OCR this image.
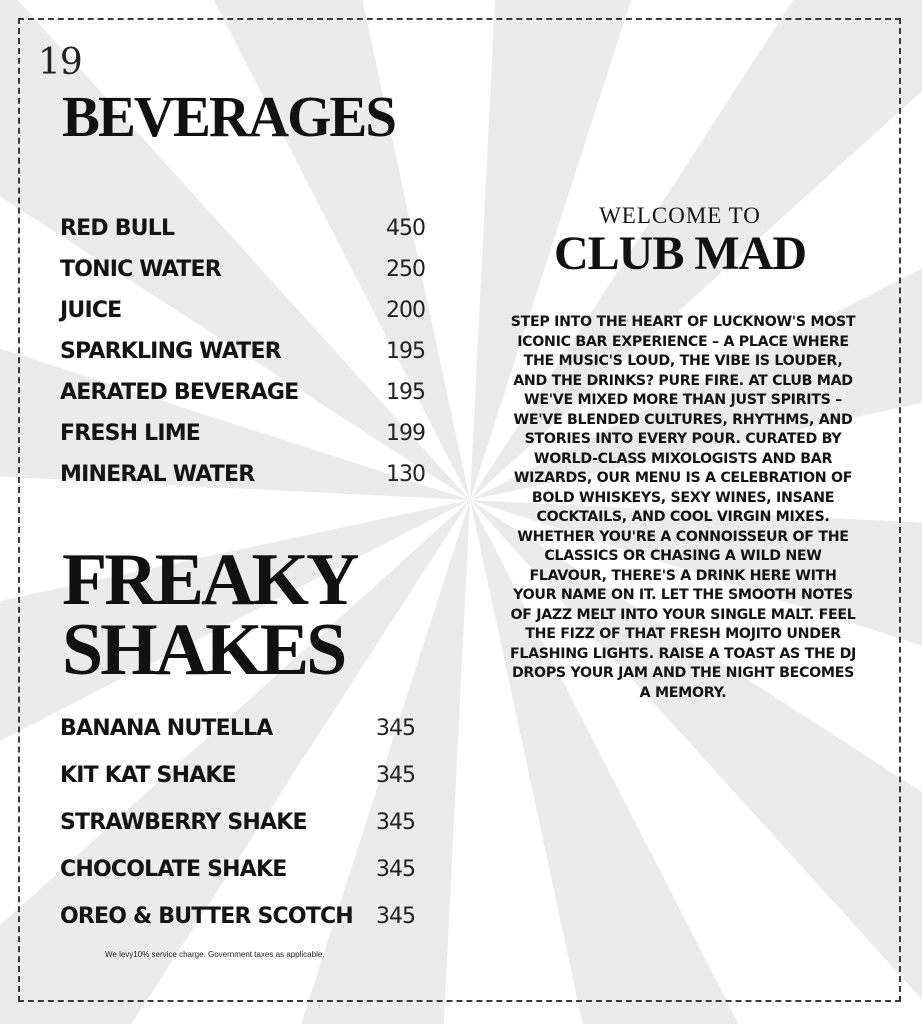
19
BEVERAGES
RED BULL	450
TONIC WATER	250
JUICE	200
SPARKLING WATER	195
AERATED BEVERAGE	195
FRESH LIME	199
MINERAL WATER	130
FREAKY
SHAKES
BANANA NUTELLA	345
KIT KAT SHAKE	345
STRAWBERRY SHAKE	345
CHOCOLATE SHAKE	345
OREO & BUTTER SCOTCH 345
We levy10% service charge. Government taxes as applicable.
WELCOME TO
CLUB MAD

STEP INTO THE HEART OF LUCKNOW'S MOST ICONIC BAR EXPERIENCE – A PLACE WHERE THE MUSIC'S LOUD, THE VIBE IS LOUDER, AND THE DRINKS? PURE FIRE. AT CLUB MAD WE'VE MIXED MORE THAN JUST SPIRITS – WE'VE BLENDED CULTURES, RHYTHMS, AND STORIES INTO EVERY POUR. CURATED BY WORLD-CLASS MIXOLOGISTS AND BAR WIZARDS, OUR MENU IS A CELEBRATION OF BOLD WHISKEYS, SEXY WINES, INSANE COCKTAILS, AND COOL VIRGIN MIXES. WHETHER YOU'RE A CONNOISSEUR OF THE CLASSICS OR CHASING A WILD NEW FLAVOUR, THERE'S A DRINK HERE WITH YOUR NAME ON IT. LET THE SMOOTH NOTES OF JAZZ MELT INTO YOUR SINGLE MALT. FEEL THE FIZZ OF THAT FRESH MOJITO UNDER FLASHING LIGHTS. RAISE A TOAST AS THE DJ DROPS YOUR JAM AND THE NIGHT BECOMES A MEMORY.
